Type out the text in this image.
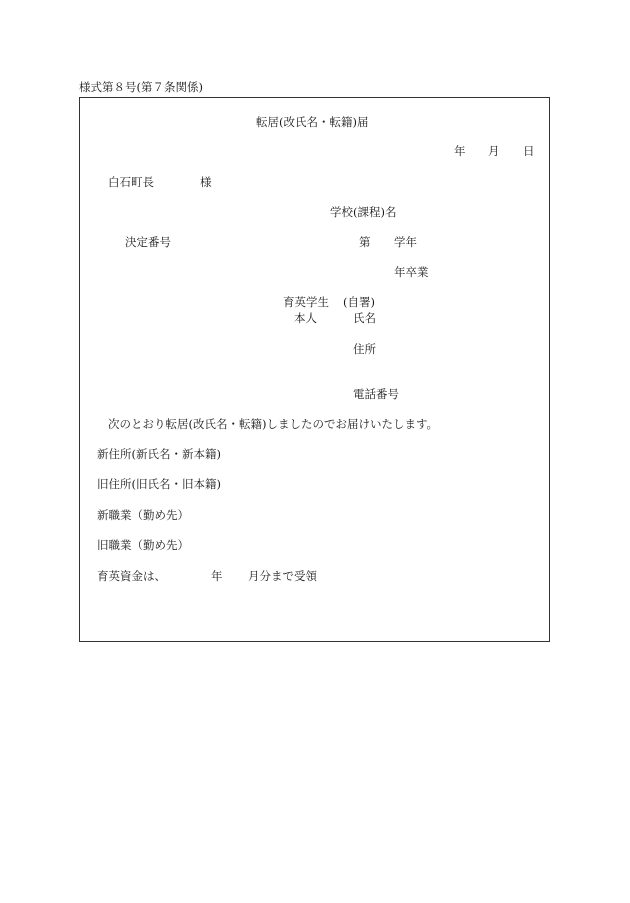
様式第８号(第７条関係)
転居(改氏名・転籍)届
年 月 日
白石町長	様
学校(課程)名
決定番号	第 学年
年卒業
育英学生 (自署)
本人	氏名
住所
電話番号
次のとおり転居(改氏名・転籍)しましたのでお届けいたします。
新住所(新氏名・新本籍)
旧住所(旧氏名・旧本籍)
新職業（勤め先）
旧職業（勤め先）
育英資金は、	年 月分まで受領
